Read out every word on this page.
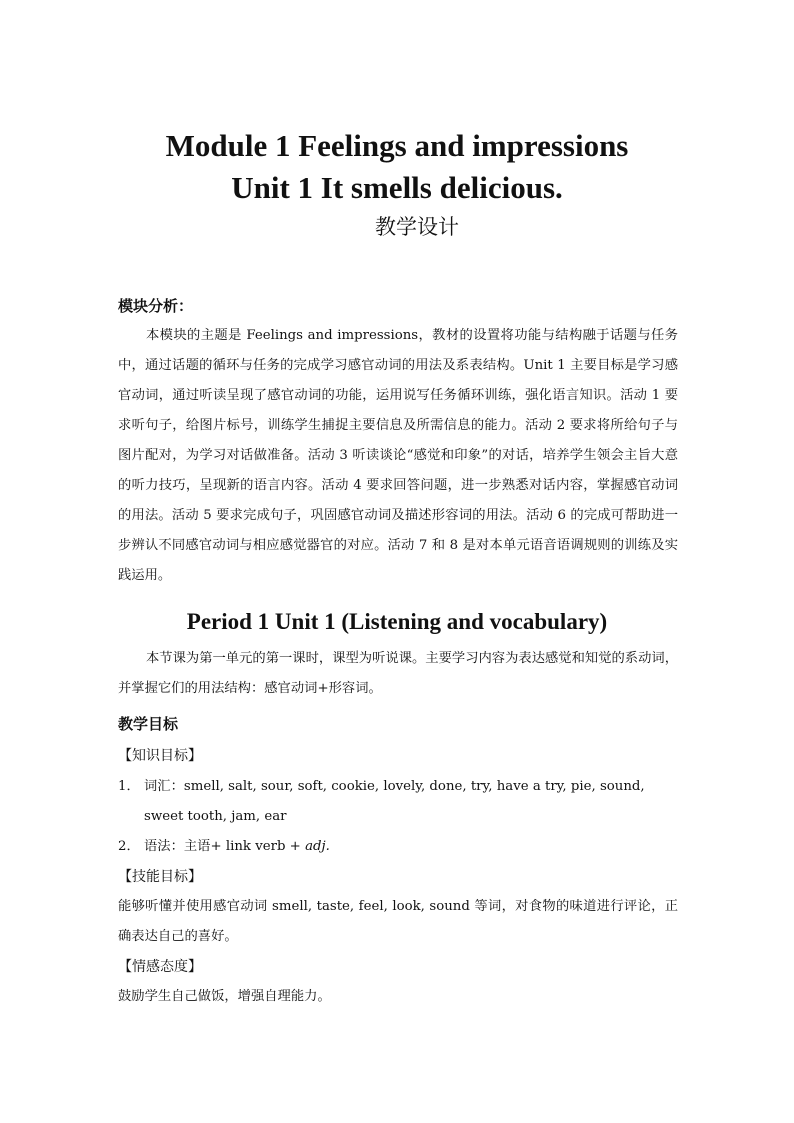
Module 1 Feelings and impressions
Unit 1 It smells delicious.
教学设计

模块分析：

本模块的主题是 Feelings and impressions，教材的设置将功能与结构融于话题与任务中，通过话题的循环与任务的完成学习感官动词的用法及系表结构。Unit 1 主要目标是学习感官动词，通过听读呈现了感官动词的功能，运用说写任务循环训练，强化语言知识。活动 1 要求听句子，给图片标号，训练学生捕捉主要信息及所需信息的能力。活动 2 要求将所给句子与图片配对，为学习对话做准备。活动 3 听读谈论“感觉和印象”的对话，培养学生领会主旨大意的听力技巧，呈现新的语言内容。活动 4 要求回答问题，进一步熟悉对话内容，掌握感官动词的用法。活动 5 要求完成句子，巩固感官动词及描述形容词的用法。活动 6 的完成可帮助进一步辨认不同感官动词与相应感觉器官的对应。活动 7 和 8 是对本单元语音语调规则的训练及实践运用。

Period 1 Unit 1 (Listening and vocabulary)

本节课为第一单元的第一课时，课型为听说课。主要学习内容为表达感觉和知觉的系动词，并掌握它们的用法结构：感官动词+形容词。

教学目标

【知识目标】

1． 词汇：smell, salt, sour, soft, cookie, lovely, done, try, have a try, pie, sound, sweet tooth, jam, ear
2． 语法：主语+ link verb + adj.

【技能目标】

能够听懂并使用感官动词 smell, taste, feel, look, sound 等词，对食物的味道进行评论，正确表达自己的喜好。

【情感态度】

鼓励学生自己做饭，增强自理能力。
